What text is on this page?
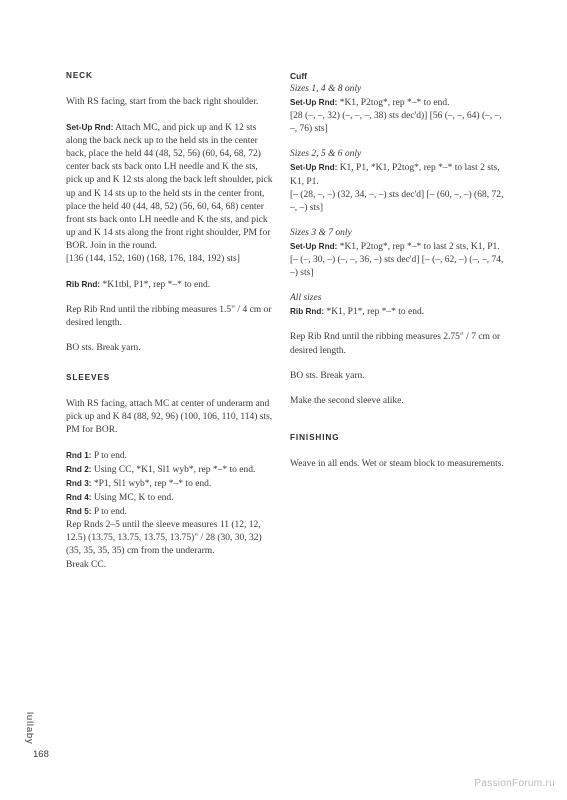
NECK

With RS facing, start from the back right shoulder.

Set-Up Rnd: Attach MC, and pick up and K 12 sts along the back neck up to the held sts in the center back, place the held 44 (48, 52, 56) (60, 64, 68, 72) center back sts back onto LH needle and K the sts, pick up and K 12 sts along the back left shoulder, pick up and K 14 sts up to the held sts in the center front, place the held 40 (44, 48, 52) (56, 60, 64, 68) center front sts back onto LH needle and K the sts, and pick up and K 14 sts along the front right shoulder, PM for BOR. Join in the round.

[136 (144, 152, 160) (168, 176, 184, 192) sts]

Rib Rnd: *K1tbl, P1*, rep *–* to end.

Rep Rib Rnd until the ribbing measures 1.5" / 4 cm or desired length.

BO sts. Break yarn.

SLEEVES

With RS facing, attach MC at center of underarm and pick up and K 84 (88, 92, 96) (100, 106, 110, 114) sts, PM for BOR.

Rnd 1: P to end.
Rnd 2: Using CC, *K1, Sl1 wyb*, rep *–* to end.
Rnd 3: *P1, Sl1 wyb*, rep *–* to end.
Rnd 4: Using MC, K to end.
Rnd 5: P to end.
Rep Rnds 2–5 until the sleeve measures 11 (12, 12, 12.5) (13.75, 13.75, 13.75, 13.75)" / 28 (30, 30, 32) (35, 35, 35, 35) cm from the underarm.
Break CC.
Cuff
Sizes 1, 4 & 8 only
Set-Up Rnd: *K1, P2tog*, rep *–* to end.

[28 (–, –, 32) (–, –, –, 38) sts dec'd)] [56 (–, –, 64) (–, –, –, 76) sts]

Sizes 2, 5 & 6 only
Set-Up Rnd: K1, P1, *K1, P2tog*, rep *–* to last 2 sts, K1, P1.

[– (28, –, –) (32, 34, –, –) sts dec'd] [– (60, –, –) (68, 72, –, –) sts]

Sizes 3 & 7 only
Set-Up Rnd: *K1, P2tog*, rep *–* to last 2 sts, K1, P1.

[– (–, 30, –) (–, –, 36, –) sts dec'd] [– (–, 62, –) (–, –, 74, –) sts]

All sizes

Rib Rnd: *K1, P1*, rep *–* to end.

Rep Rib Rnd until the ribbing measures 2.75" / 7 cm or desired length.

BO sts. Break yarn.

Make the second sleeve alike.

FINISHING

Weave in all ends. Wet or steam block to measurements.

lullaby
168
PassionForum.ru
